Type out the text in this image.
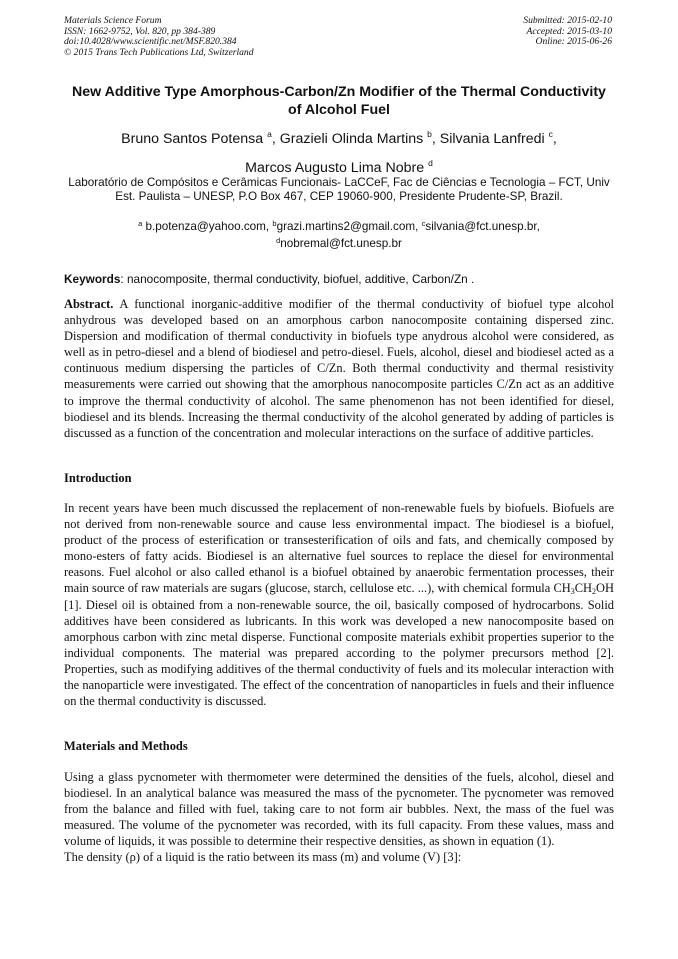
Materials Science Forum
ISSN: 1662-9752, Vol. 820, pp 384-389
doi:10.4028/www.scientific.net/MSF.820.384
© 2015 Trans Tech Publications Ltd, Switzerland
Submitted: 2015-02-10
Accepted: 2015-03-10
Online: 2015-06-26
New Additive Type Amorphous-Carbon/Zn Modifier of the Thermal Conductivity of Alcohol Fuel
Bruno Santos Potensa $^a$, Grazieli Olinda Martins $^b$, Silvania Lanfredi $^c$,
Marcos Augusto Lima Nobre $^d$
Laboratório de Compósitos e Cerâmicas Funcionais- LaCCeF, Fac de Ciências e Tecnologia – FCT, Univ Est. Paulista – UNESP, P.O Box 467, CEP 19060-900, Presidente Prudente-SP, Brazil.
$^a$ b.potenza@yahoo.com, $^b$grazi.martins2@gmail.com, $^c$silvania@fct.unesp.br,
$^d$nobremal@fct.unesp.br
Keywords: nanocomposite, thermal conductivity, biofuel, additive, Carbon/Zn .
Abstract. A functional inorganic-additive modifier of the thermal conductivity of biofuel type alcohol anhydrous was developed based on an amorphous carbon nanocomposite containing dispersed zinc. Dispersion and modification of thermal conductivity in biofuels type anydrous alcohol were considered, as well as in petro-diesel and a blend of biodiesel and petro-diesel. Fuels, alcohol, diesel and biodiesel acted as a continuous medium dispersing the particles of C/Zn. Both thermal conductivity and thermal resistivity measurements were carried out showing that the amorphous nanocomposite particles C/Zn act as an additive to improve the thermal conductivity of alcohol. The same phenomenon has not been identified for diesel, biodiesel and its blends. Increasing the thermal conductivity of the alcohol generated by adding of particles is discussed as a function of the concentration and molecular interactions on the surface of additive particles.
Introduction
In recent years have been much discussed the replacement of non-renewable fuels by biofuels. Biofuels are not derived from non-renewable source and cause less environmental impact. The biodiesel is a biofuel, product of the process of esterification or transesterification of oils and fats, and chemically composed by mono-esters of fatty acids. Biodiesel is an alternative fuel sources to replace the diesel for environmental reasons. Fuel alcohol or also called ethanol is a biofuel obtained by anaerobic fermentation processes, their main source of raw materials are sugars (glucose, starch, cellulose etc. ...), with chemical formula $CH_3CH_2OH$ [1]. Diesel oil is obtained from a non-renewable source, the oil, basically composed of hydrocarbons. Solid additives have been considered as lubricants. In this work was developed a new nanocomposite based on amorphous carbon with zinc metal disperse. Functional composite materials exhibit properties superior to the individual components. The material was prepared according to the polymer precursors method [2]. Properties, such as modifying additives of the thermal conductivity of fuels and its molecular interaction with the nanoparticle were investigated. The effect of the concentration of nanoparticles in fuels and their influence on the thermal conductivity is discussed.
Materials and Methods
Using a glass pycnometer with thermometer were determined the densities of the fuels, alcohol, diesel and biodiesel. In an analytical balance was measured the mass of the pycnometer. The pycnometer was removed from the balance and filled with fuel, taking care to not form air bubbles. Next, the mass of the fuel was measured. The volume of the pycnometer was recorded, with its full capacity. From these values, mass and volume of liquids, it was possible to determine their respective densities, as shown in equation (1).
The density (ρ) of a liquid is the ratio between its mass (m) and volume (V) [3]:
